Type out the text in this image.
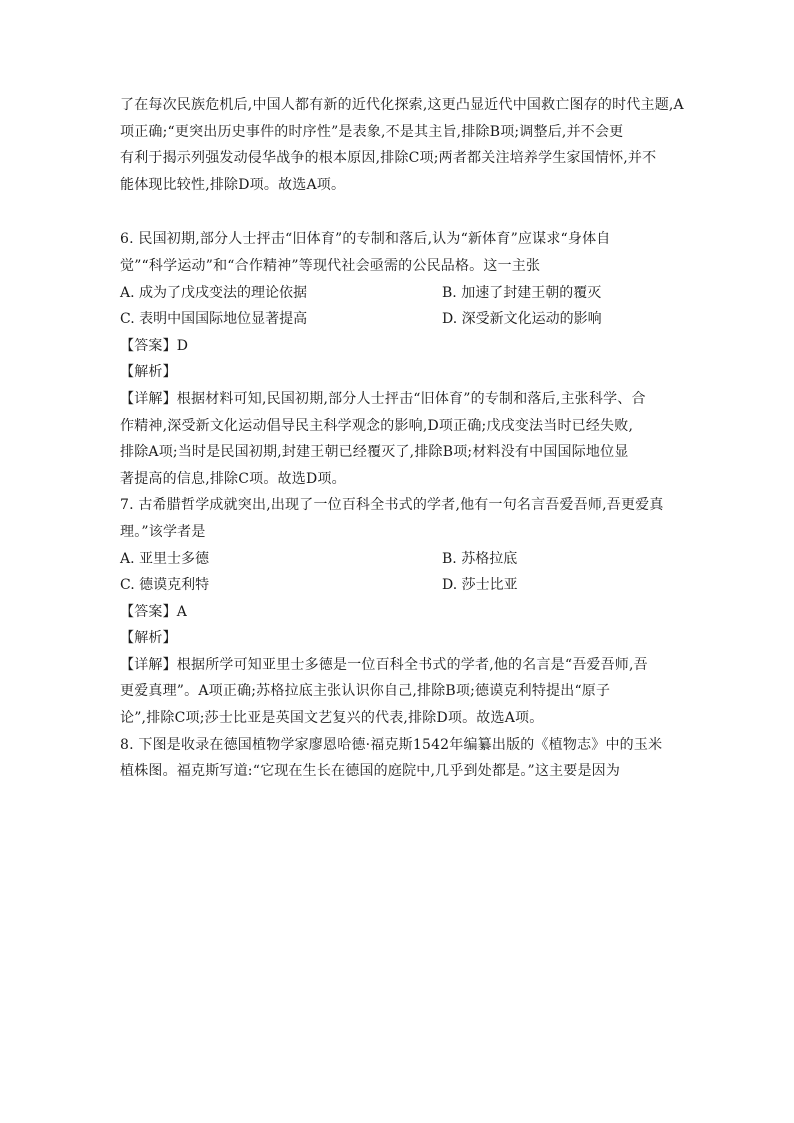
了在每次民族危机后,中国人都有新的近代化探索,这更凸显近代中国救亡图存的时代主题,A
项正确;“更突出历史事件的时序性”是表象,不是其主旨,排除B项;调整后,并不会更
有利于揭示列强发动侵华战争的根本原因,排除C项;两者都关注培养学生家国情怀,并不
能体现比较性,排除D项。故选A项。
6. 民国初期,部分人士抨击“旧体育”的专制和落后,认为“新体育”应谋求“身体自
觉”“科学运动”和“合作精神”等现代社会亟需的公民品格。这一主张
A. 成为了戊戌变法的理论依据	B. 加速了封建王朝的覆灭
C. 表明中国国际地位显著提高	D. 深受新文化运动的影响
【答案】D
【解析】
【详解】根据材料可知,民国初期,部分人士抨击“旧体育”的专制和落后,主张科学、合
作精神,深受新文化运动倡导民主科学观念的影响,D项正确;戊戌变法当时已经失败,
排除A项;当时是民国初期,封建王朝已经覆灭了,排除B项;材料没有中国国际地位显
著提高的信息,排除C项。故选D项。
7. 古希腊哲学成就突出,出现了一位百科全书式的学者,他有一句名言吾爱吾师,吾更爱真
理。”该学者是
A. 亚里士多德	B. 苏格拉底
C. 德谟克利特	D. 莎士比亚
【答案】A
【解析】
【详解】根据所学可知亚里士多德是一位百科全书式的学者,他的名言是“吾爱吾师,吾
更爱真理”。A项正确;苏格拉底主张认识你自己,排除B项;德谟克利特提出“原子
论”,排除C项;莎士比亚是英国文艺复兴的代表,排除D项。故选A项。
8. 下图是收录在德国植物学家廖恩哈德·福克斯1542年编纂出版的《植物志》中的玉米
植株图。福克斯写道:“它现在生长在德国的庭院中,几乎到处都是。”这主要是因为
